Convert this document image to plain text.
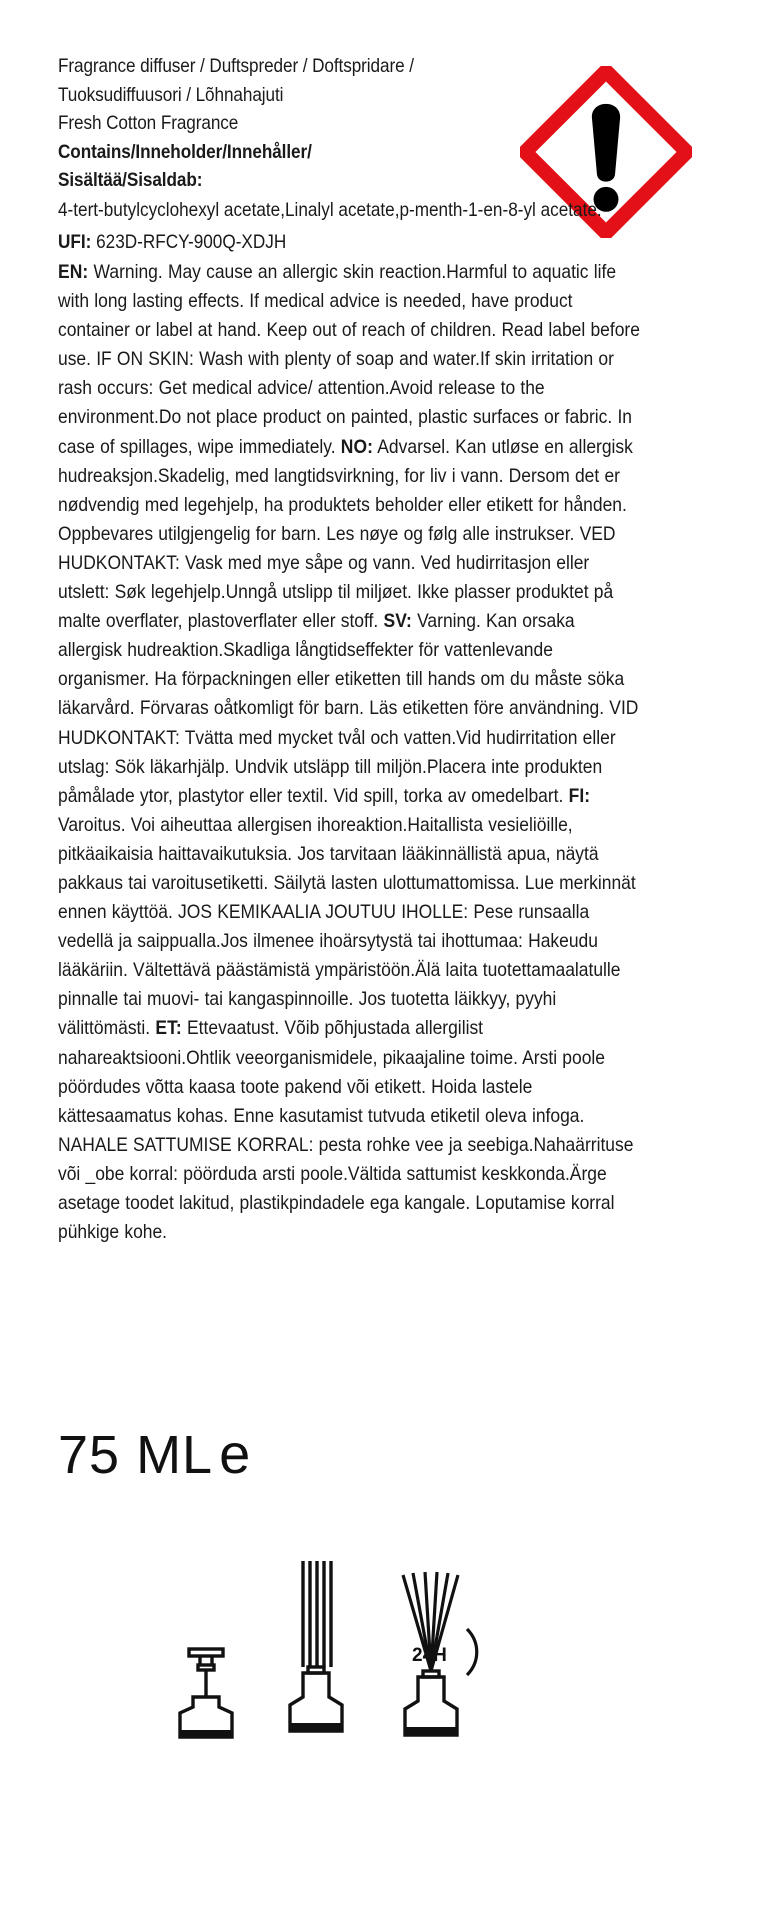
Fragrance diffuser / Duftspreder / Doftspridare /
Tuoksudiffuusori / Lõhnahajuti
Fresh Cotton Fragrance
Contains/Inneholder/Innehåller/
Sisältää/Sisaldab:
4-tert-butylcyclohexyl acetate,Linalyl acetate,p-menth-1-en-8-yl acetate.
UFI: 623D-RFCY-900Q-XDJH
EN: Warning. May cause an allergic skin reaction.Harmful to aquatic life with long lasting effects. If medical advice is needed, have product container or label at hand. Keep out of reach of children. Read label before use. IF ON SKIN: Wash with plenty of soap and water.If skin irritation or rash occurs: Get medical advice/ attention.Avoid release to the environment.Do not place product on painted, plastic surfaces or fabric. In case of spillages, wipe immediately. NO: Advarsel. Kan utløse en allergisk hudreaksjon.Skadelig, med langtidsvirkning, for liv i vann. Dersom det er nødvendig med legehjelp, ha produktets beholder eller etikett for hånden. Oppbevares utilgjengelig for barn. Les nøye og følg alle instrukser. VED HUDKONTAKT: Vask med mye såpe og vann. Ved hudirritasjon eller utslett: Søk legehjelp.Unngå utslipp til miljøet. Ikke plasser produktet på malte overflater, plastoverflater eller stoff. SV: Varning. Kan orsaka allergisk hudreaktion.Skadliga långtidseffekter för vattenlevande organismer. Ha förpackningen eller etiketten till hands om du måste söka läkarvård. Förvaras oåtkomligt för barn. Läs etiketten före användning. VID HUDKONTAKT: Tvätta med mycket tvål och vatten.Vid hudirritation eller utslag: Sök läkarhjälp. Undvik utsläpp till miljön.Placera inte produkten påmålade ytor, plastytor eller textil. Vid spill, torka av omedelbart. FI: Varoitus. Voi aiheuttaa allergisen ihoreaktion.Haitallista vesieliöille, pitkäaikaisia haittavaikutuksia. Jos tarvitaan lääkinnällistä apua, näytä pakkaus tai varoitusetiketti. Säilytä lasten ulottumattomissa. Lue merkinnät ennen käyttöä. JOS KEMIKAALIA JOUTUU IHOLLE: Pese runsaalla vedellä ja saippualla.Jos ilmenee ihoärsytystä tai ihottumaa: Hakeudu lääkäriin. Vältettävä päästämistä ympäristöön.Älä laita tuotettamaalatulle pinnalle tai muovi- tai kangaspinnoille. Jos tuotetta läikkyy, pyyhi välittömästi. ET: Ettevaatust. Võib põhjustada allergilist nahareaktsiooni.Ohtlik veeorganismidele, pikaajaline toime. Arsti poole pöördudes võtta kaasa toote pakend või etikett. Hoida lastele kättesaamatus kohas. Enne kasutamist tutvuda etiketil oleva infoga. NAHALE SATTUMISE KORRAL: pesta rohke vee ja seebiga.Nahaärrituse või _obe korral: pöörduda arsti poole.Vältida sattumist keskkonda.Ärge asetage toodet lakitud, plastikpindadele ega kangale. Loputamise korral pühkige kohe.
75 ML e
24H
